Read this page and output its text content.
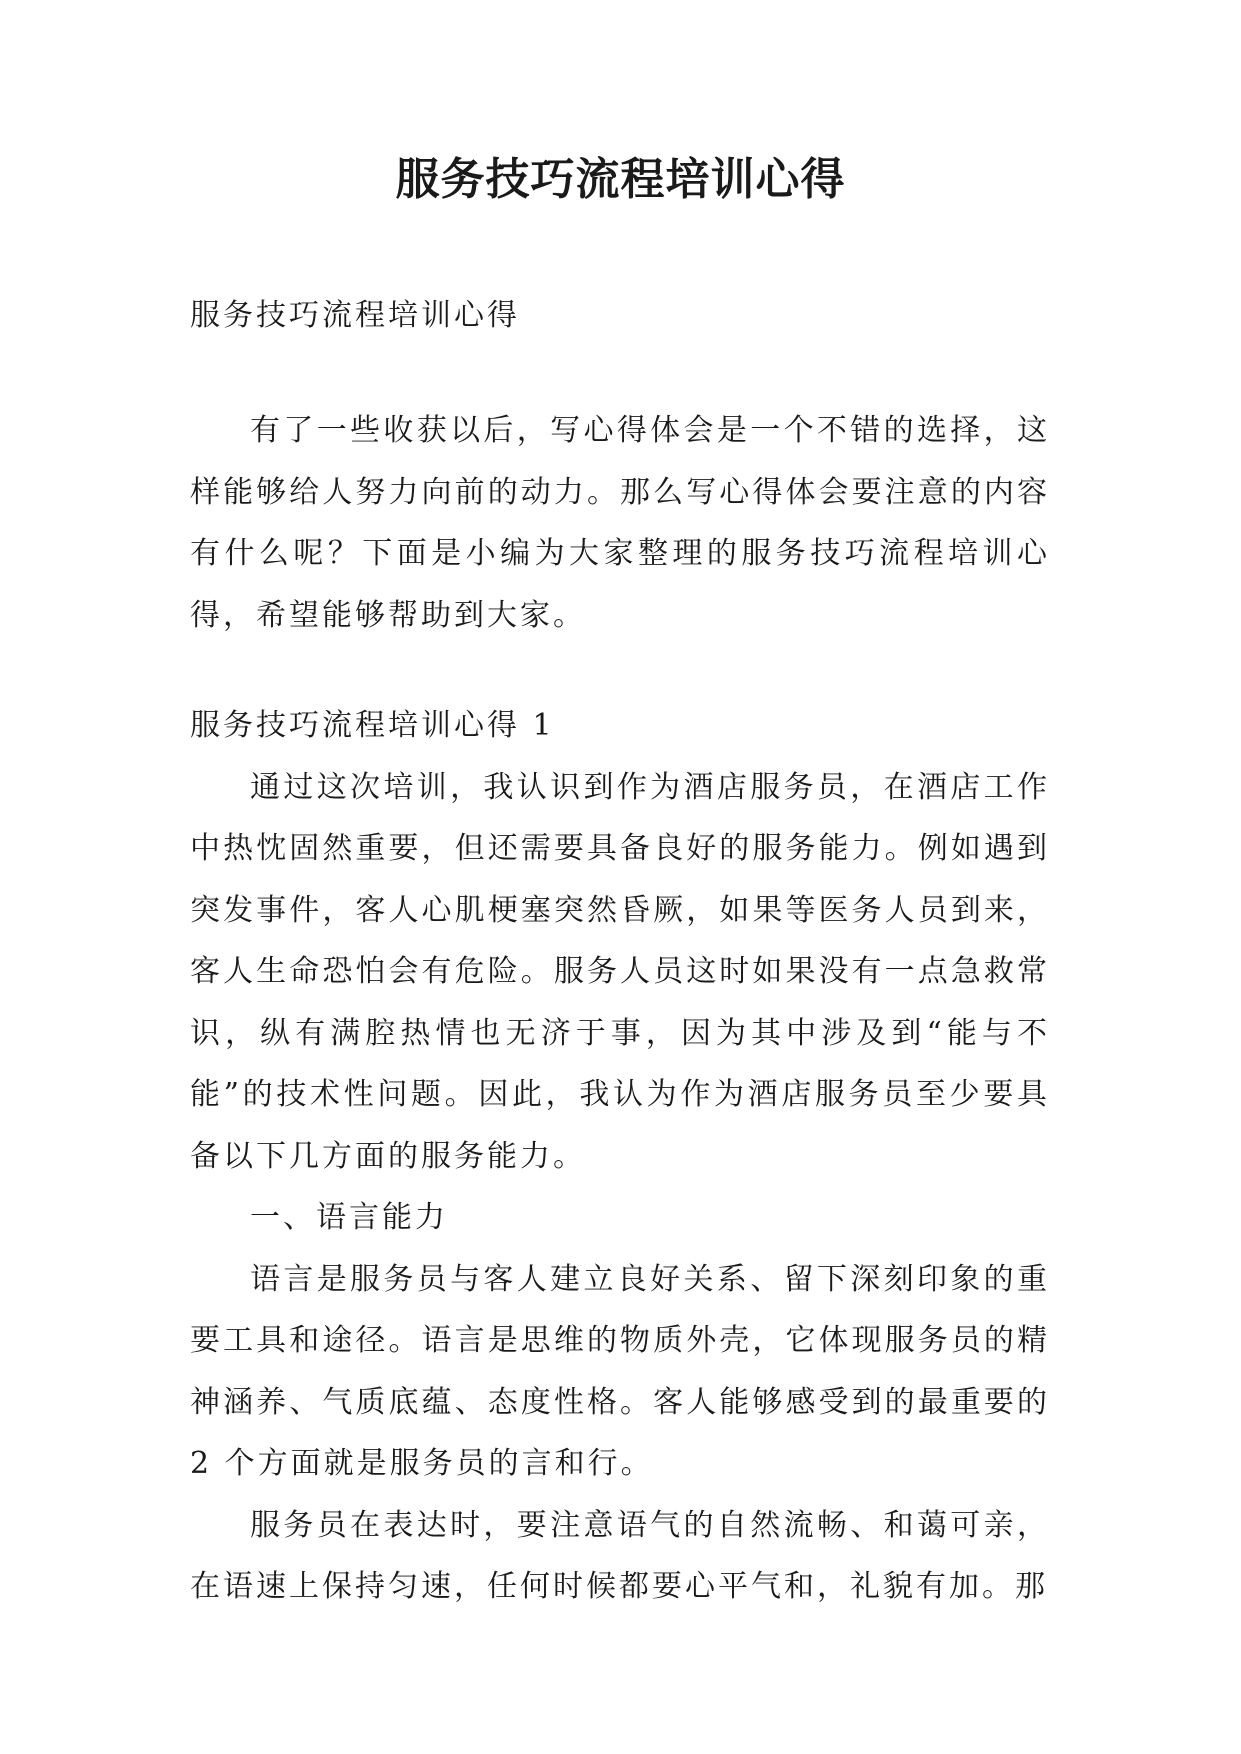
服务技巧流程培训心得

服务技巧流程培训心得

有了一些收获以后，写心得体会是一个不错的选择，这样能够给人努力向前的动力。那么写心得体会要注意的内容有什么呢？下面是小编为大家整理的服务技巧流程培训心得，希望能够帮助到大家。

服务技巧流程培训心得 1

通过这次培训，我认识到作为酒店服务员，在酒店工作中热忱固然重要，但还需要具备良好的服务能力。例如遇到突发事件，客人心肌梗塞突然昏厥，如果等医务人员到来，客人生命恐怕会有危险。服务人员这时如果没有一点急救常识，纵有满腔热情也无济于事，因为其中涉及到“能与不能”的技术性问题。因此，我认为作为酒店服务员至少要具备以下几方面的服务能力。

一、语言能力

语言是服务员与客人建立良好关系、留下深刻印象的重要工具和途径。语言是思维的物质外壳，它体现服务员的精神涵养、气质底蕴、态度性格。客人能够感受到的最重要的 2 个方面就是服务员的言和行。

服务员在表达时，要注意语气的自然流畅、和蔼可亲，在语速上保持匀速，任何时候都要心平气和，礼貌有加。那
